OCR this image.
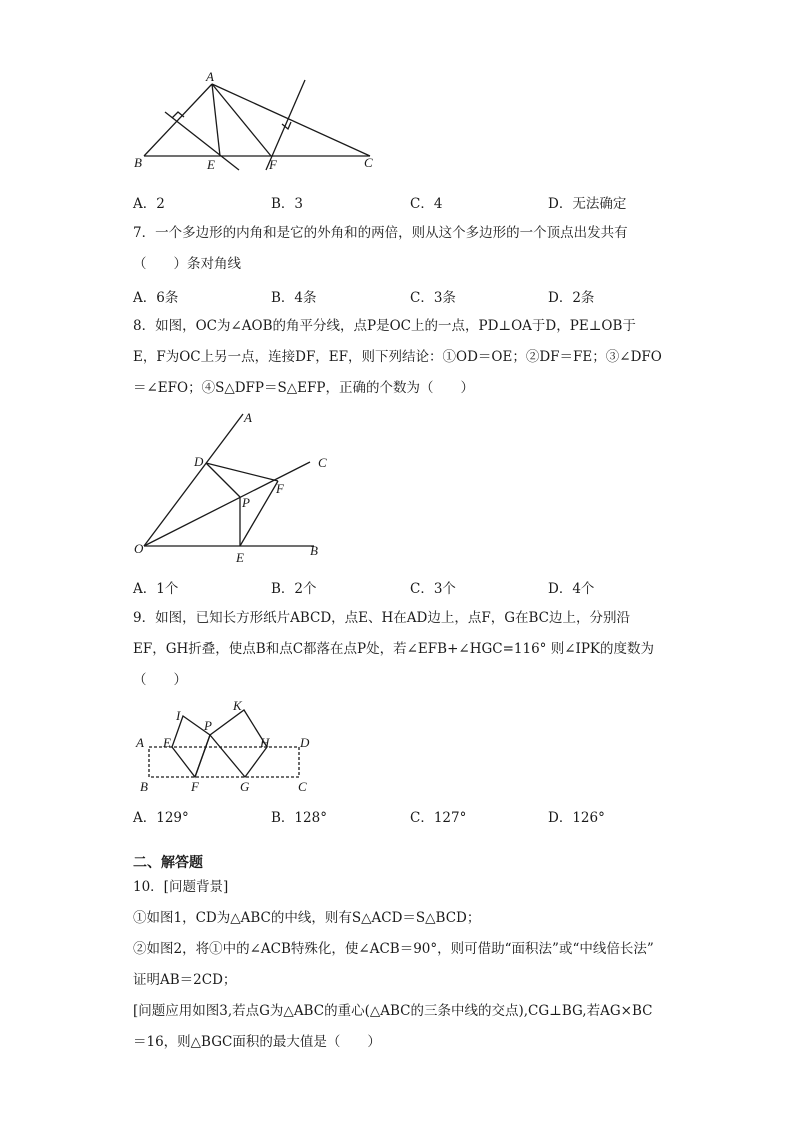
A
B	C
E	F
A．2	B．3	C．4	D．无法确定
7．一个多边形的内角和是它的外角和的两倍，则从这个多边形的一个顶点出发共有
（　　）条对角线
A．6条	B．4条	C．3条	D．2条
8．如图，OC为∠AOB的角平分线，点P是OC上的一点，PD⊥OA于D，PE⊥OB于
E，F为OC上另一点，连接DF，EF，则下列结论：①OD＝OE；②DF＝FE；③∠DFO
＝∠EFO；④S△DFP＝S△EFP，正确的个数为（　　）
A
C
D
F
P
O
E	B
A．1个	B．2个	C．3个	D．4个
9．如图，已知长方形纸片ABCD，点E、H在AD边上，点F，G在BC边上，分别沿
EF，GH折叠，使点B和点C都落在点P处，若∠EFB+∠HGC=116° 则∠IPK的度数为
（　　）
I
P
K
A E	H D
B	F	G	C
A．129°	B．128°	C．127°	D．126°
二、解答题
10．[问题背景]
①如图1，CD为△ABC的中线，则有S△ACD＝S△BCD；
②如图2，将①中的∠ACB特殊化，使∠ACB＝90°，则可借助“面积法”或“中线倍长法”
证明AB＝2CD；
[问题应用如图3,若点G为△ABC的重心(△ABC的三条中线的交点),CG⊥BG,若AG×BC
＝16，则△BGC面积的最大值是（　　）
